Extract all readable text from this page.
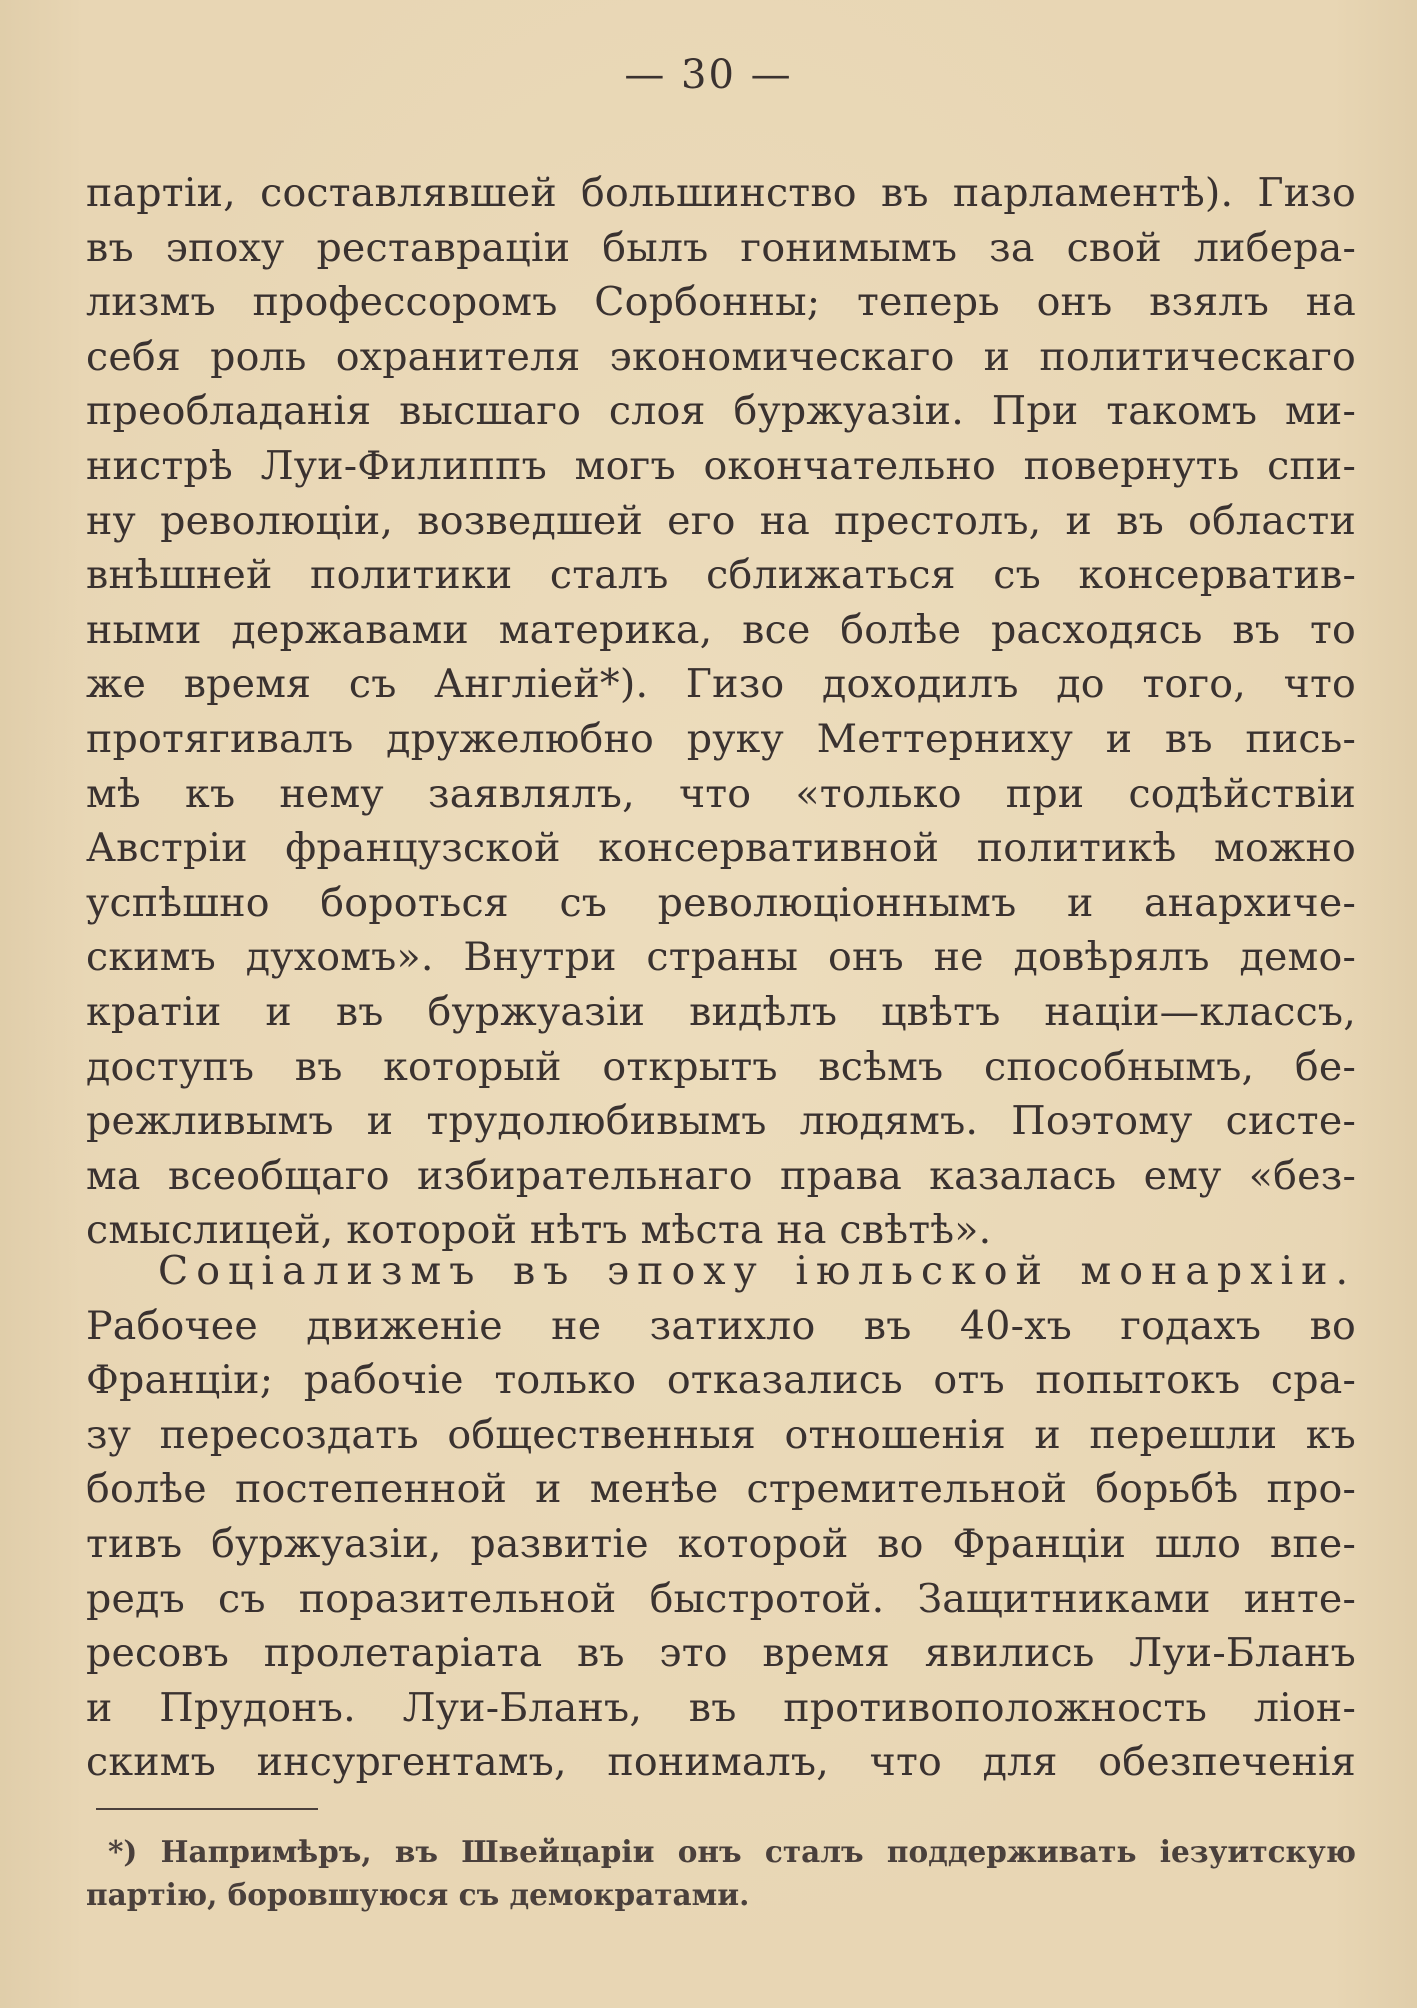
— 30 —
партіи, составлявшей большинство въ парламентѣ). Гизо
въ эпоху реставраціи былъ гонимымъ за свой либера-
лизмъ профессоромъ Сорбонны; теперь онъ взялъ на
себя роль охранителя экономическаго и политическаго
преобладанія высшаго слоя буржуазіи. При такомъ ми-
нистрѣ Луи-Филиппъ могъ окончательно повернуть спи-
ну революціи, возведшей его на престолъ, и въ области
внѣшней политики сталъ сближаться съ консерватив-
ными державами материка, все болѣе расходясь въ то
же время съ Англіей*). Гизо доходилъ до того, что
протягивалъ дружелюбно руку Меттерниху и въ пись-
мѣ къ нему заявлялъ, что «только при содѣйствіи
Австріи французской консервативной политикѣ можно
успѣшно бороться съ революціоннымъ и анархиче-
скимъ духомъ». Внутри страны онъ не довѣрялъ демо-
кратіи и въ буржуазіи видѣлъ цвѣтъ націи—классъ,
доступъ въ который открытъ всѣмъ способнымъ, бе-
режливымъ и трудолюбивымъ людямъ. Поэтому систе-
ма всеобщаго избирательнаго права казалась ему «без-
смыслицей, которой нѣтъ мѣста на свѣтѣ».
Соціализмъ въ эпоху іюльской монархіи.
Рабочее движеніе не затихло въ 40-хъ годахъ во
Франціи; рабочіе только отказались отъ попытокъ сра-
зу пересоздать общественныя отношенія и перешли къ
болѣе постепенной и менѣе стремительной борьбѣ про-
тивъ буржуазіи, развитіе которой во Франціи шло впе-
редъ съ поразительной быстротой. Защитниками инте-
ресовъ пролетаріата въ это время явились Луи-Бланъ
и Прудонъ. Луи-Бланъ, въ противоположность ліон-
скимъ инсургентамъ, понималъ, что для обезпеченія
*) Напримѣръ, въ Швейцаріи онъ сталъ поддерживать іезуитскую
партію, боровшуюся съ демократами.
